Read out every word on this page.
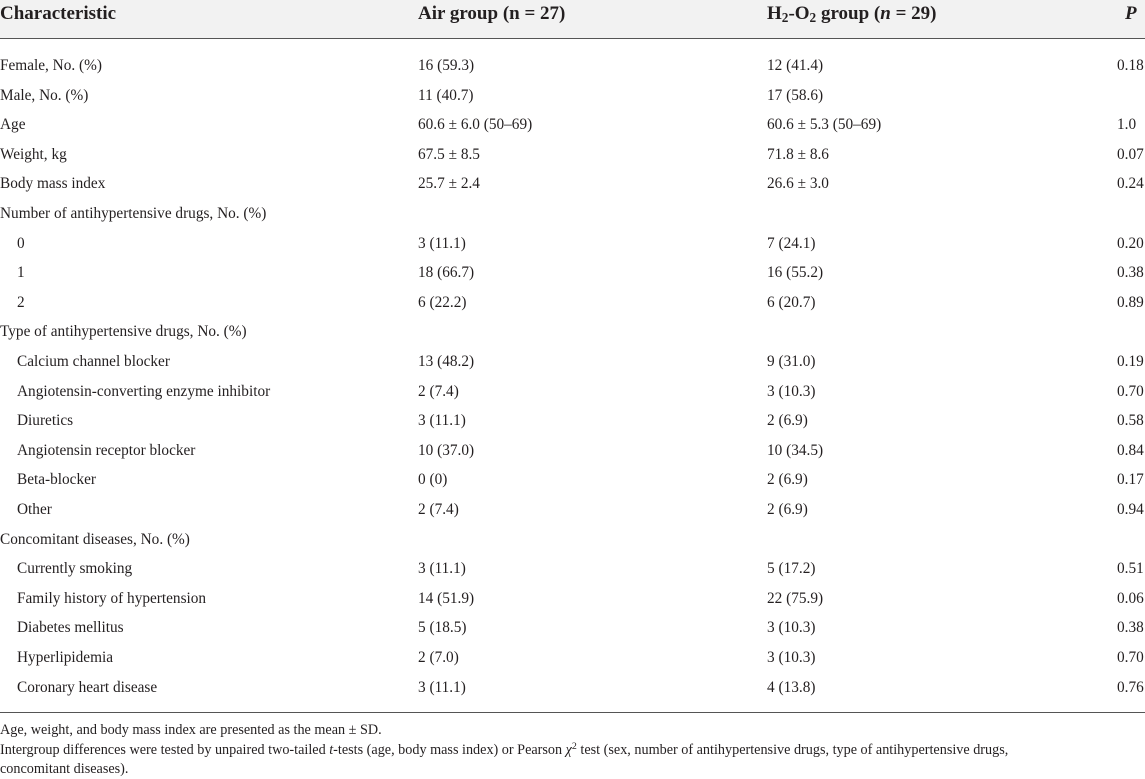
Characteristic	Air group (n = 27)	$H_2-O_2$ group (n = 29)	P
Female, No. (%)	16 (59.3)	12 (41.4)	0.18
Male, No. (%)	11 (40.7)	17 (58.6)
Age	60.6 ± 6.0 (50–69)	60.6 ± 5.3 (50–69)	1.0
Weight, kg	67.5 ± 8.5	71.8 ± 8.6	0.07
Body mass index	25.7 ± 2.4	26.6 ± 3.0	0.24
Number of antihypertensive drugs, No. (%)
0	3 (11.1)	7 (24.1)	0.20
1	18 (66.7)	16 (55.2)	0.38
2	6 (22.2)	6 (20.7)	0.89
Type of antihypertensive drugs, No. (%)
Calcium channel blocker	13 (48.2)	9 (31.0)	0.19
Angiotensin-converting enzyme inhibitor	2 (7.4)	3 (10.3)	0.70
Diuretics	3 (11.1)	2 (6.9)	0.58
Angiotensin receptor blocker	10 (37.0)	10 (34.5)	0.84
Beta-blocker	0 (0)	2 (6.9)	0.17
Other	2 (7.4)	2 (6.9)	0.94
Concomitant diseases, No. (%)
Currently smoking	3 (11.1)	5 (17.2)	0.51
Family history of hypertension	14 (51.9)	22 (75.9)	0.06
Diabetes mellitus	5 (18.5)	3 (10.3)	0.38
Hyperlipidemia	2 (7.0)	3 (10.3)	0.70
Coronary heart disease	3 (11.1)	4 (13.8)	0.76
Age, weight, and body mass index are presented as the mean ± SD.
Intergroup differences were tested by unpaired two-tailed t-tests (age, body mass index) or Pearson $\chi^2$ test (sex, number of antihypertensive drugs, type of antihypertensive drugs,
concomitant diseases).
